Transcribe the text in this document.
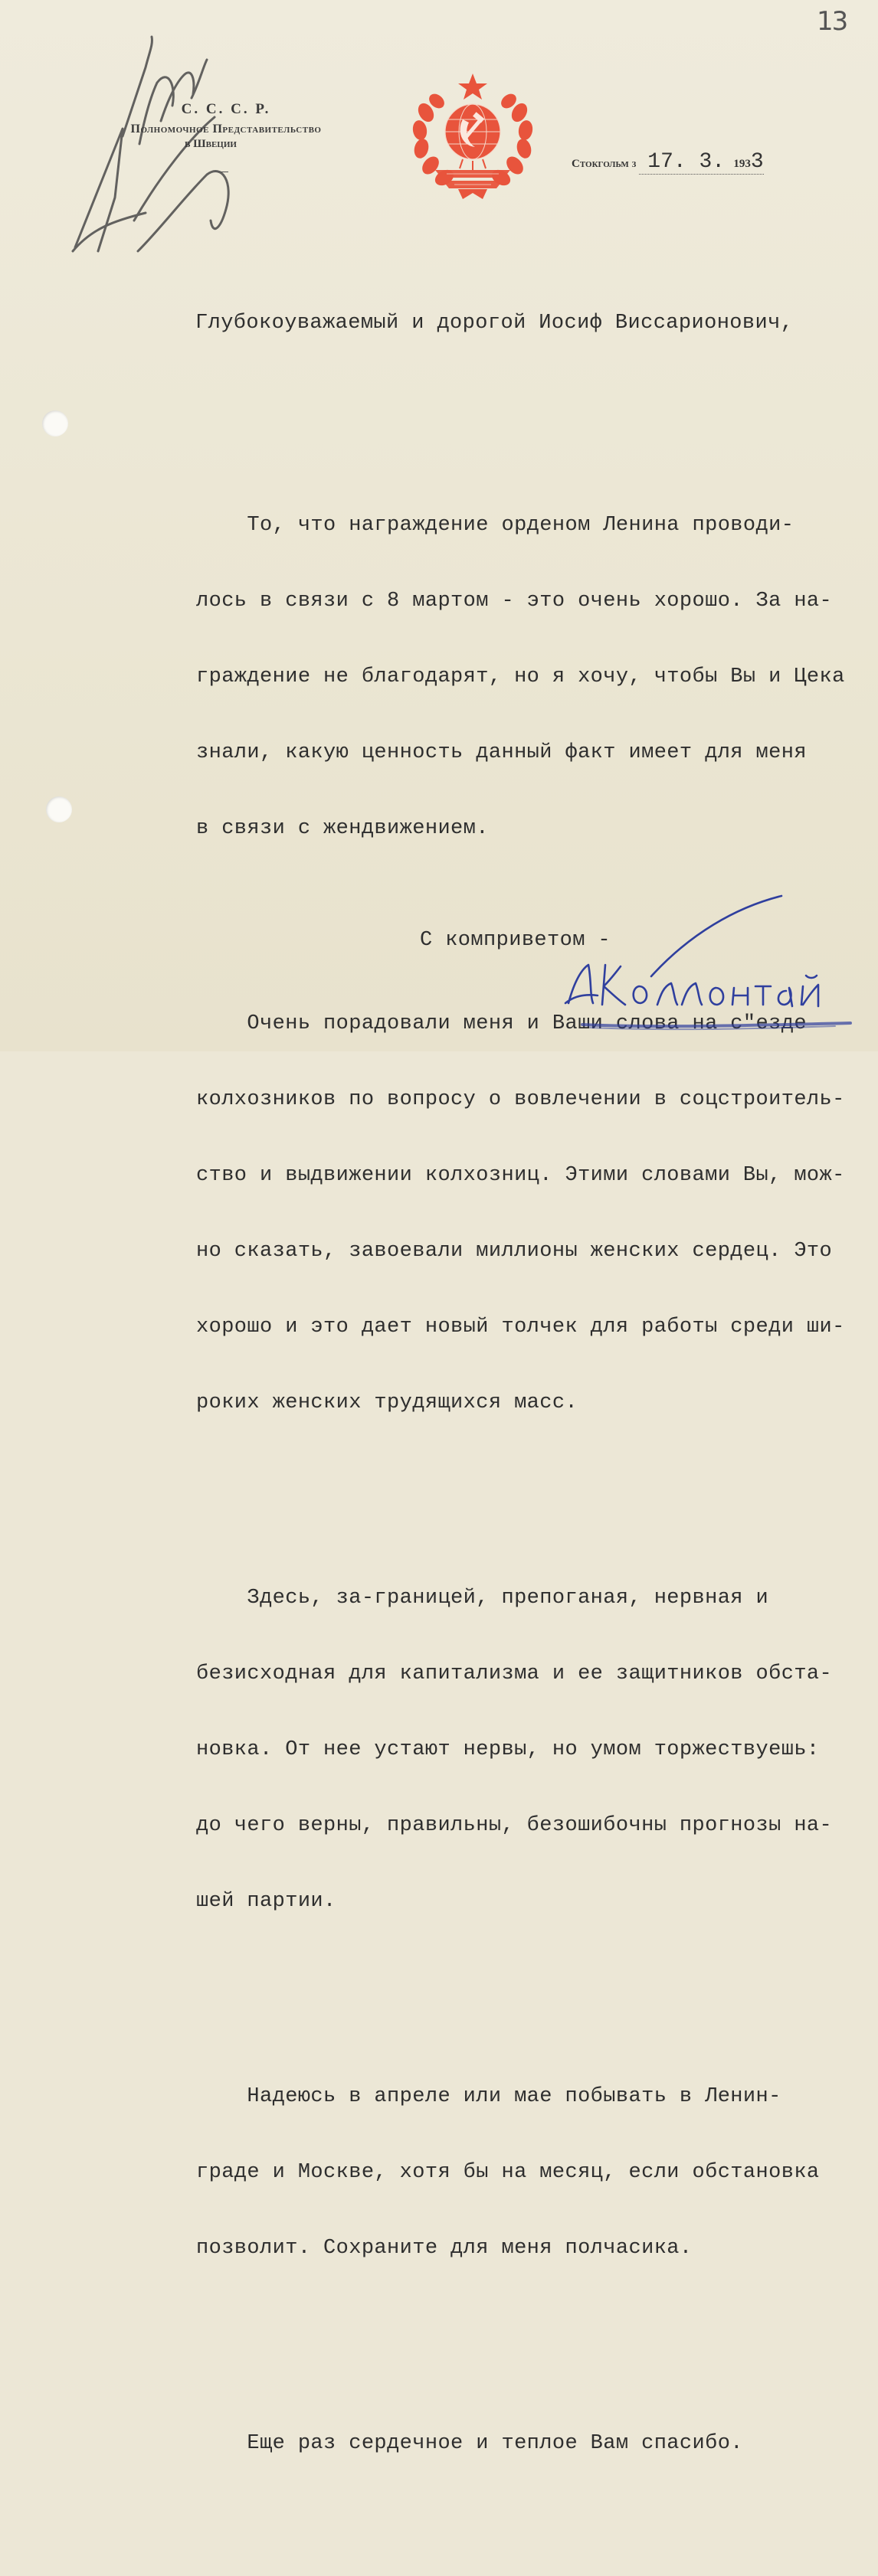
13
С. С. С. Р.
Полномочное Представительство
в Швеции
Стокгольм з 17. 3. 1933
Глубокоуважаемый и дорогой Иосиф Виссарионович,

То, что награждение орденом Ленина проводи-

лось в связи с 8 мартом - это очень хорошо. За на-

граждение не благодарят, но я хочу, чтобы Вы и Цека

знали, какую ценность данный факт имеет для меня

в связи с жендвижением.

Очень порадовали меня и Ваши слова на с"езде

колхозников по вопросу о вовлечении в соцстроитель-

ство и выдвижении колхозниц. Этими словами Вы, мож-

но сказать, завоевали миллионы женских сердец. Это

хорошо и это дает новый толчек для работы среди ши-

роких женских трудящихся масс.

Здесь, за-границей, препоганая, нервная и

безисходная для капитализма и ее защитников обста-

новка. От нее устают нервы, но умом торжествуешь:

до чего верны, правильны, безошибочны прогнозы на-

шей партии.

Надеюсь в апреле или мае побывать в Ленин-

граде и Москве, хотя бы на месяц, если обстановка

позволит. Сохраните для меня полчасика.

Еще раз сердечное и теплое Вам спасибо.

С комприветом -
